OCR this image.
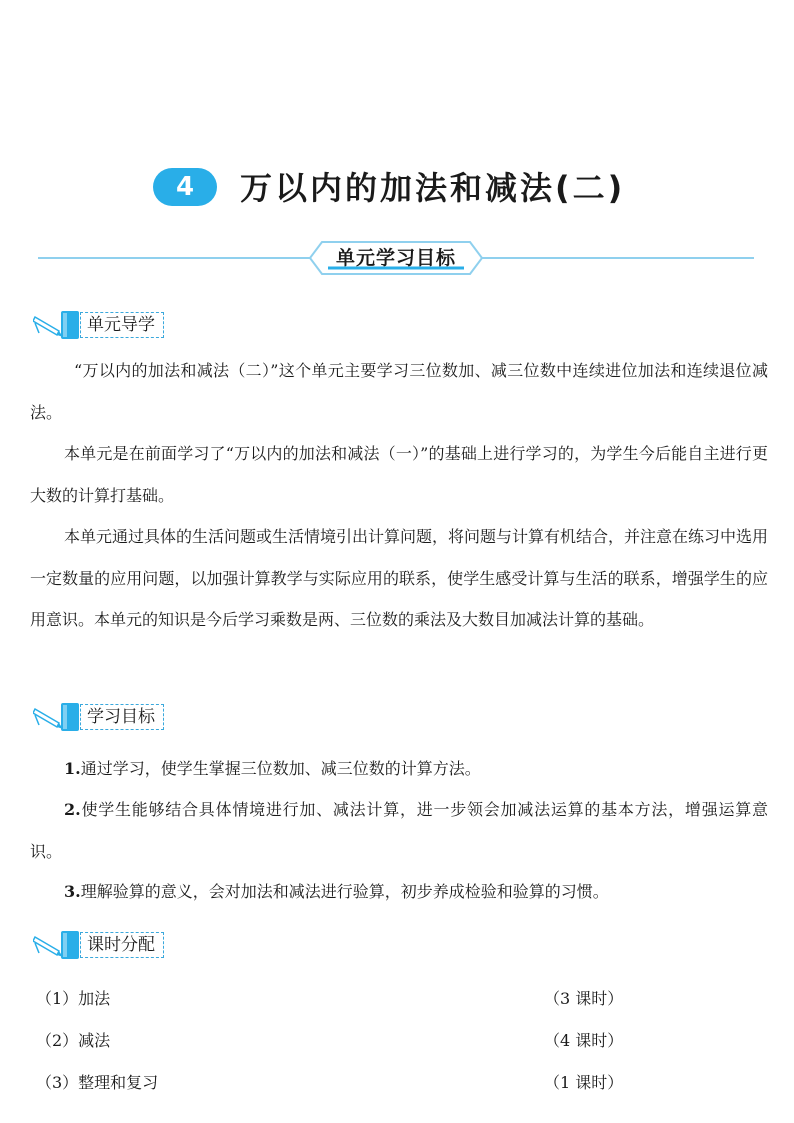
4	万以内的加法和减法(二)
单元学习目标
单元导学

“万以内的加法和减法（二）”这个单元主要学习三位数加、减三位数中连续进位加法和连续退位减法。

本单元是在前面学习了“万以内的加法和减法（一）”的基础上进行学习的，为学生今后能自主进行更大数的计算打基础。

本单元通过具体的生活问题或生活情境引出计算问题，将问题与计算有机结合，并注意在练习中选用一定数量的应用问题，以加强计算教学与实际应用的联系，使学生感受计算与生活的联系，增强学生的应用意识。本单元的知识是今后学习乘数是两、三位数的乘法及大数目加减法计算的基础。

学习目标

1.通过学习，使学生掌握三位数加、减三位数的计算方法。

2.使学生能够结合具体情境进行加、减法计算，进一步领会加减法运算的基本方法，增强运算意识。

3.理解验算的意义，会对加法和减法进行验算，初步养成检验和验算的习惯。

课时分配
（1）加法	（3 课时）
（2）减法	（4 课时）
（3）整理和复习	（1 课时）
